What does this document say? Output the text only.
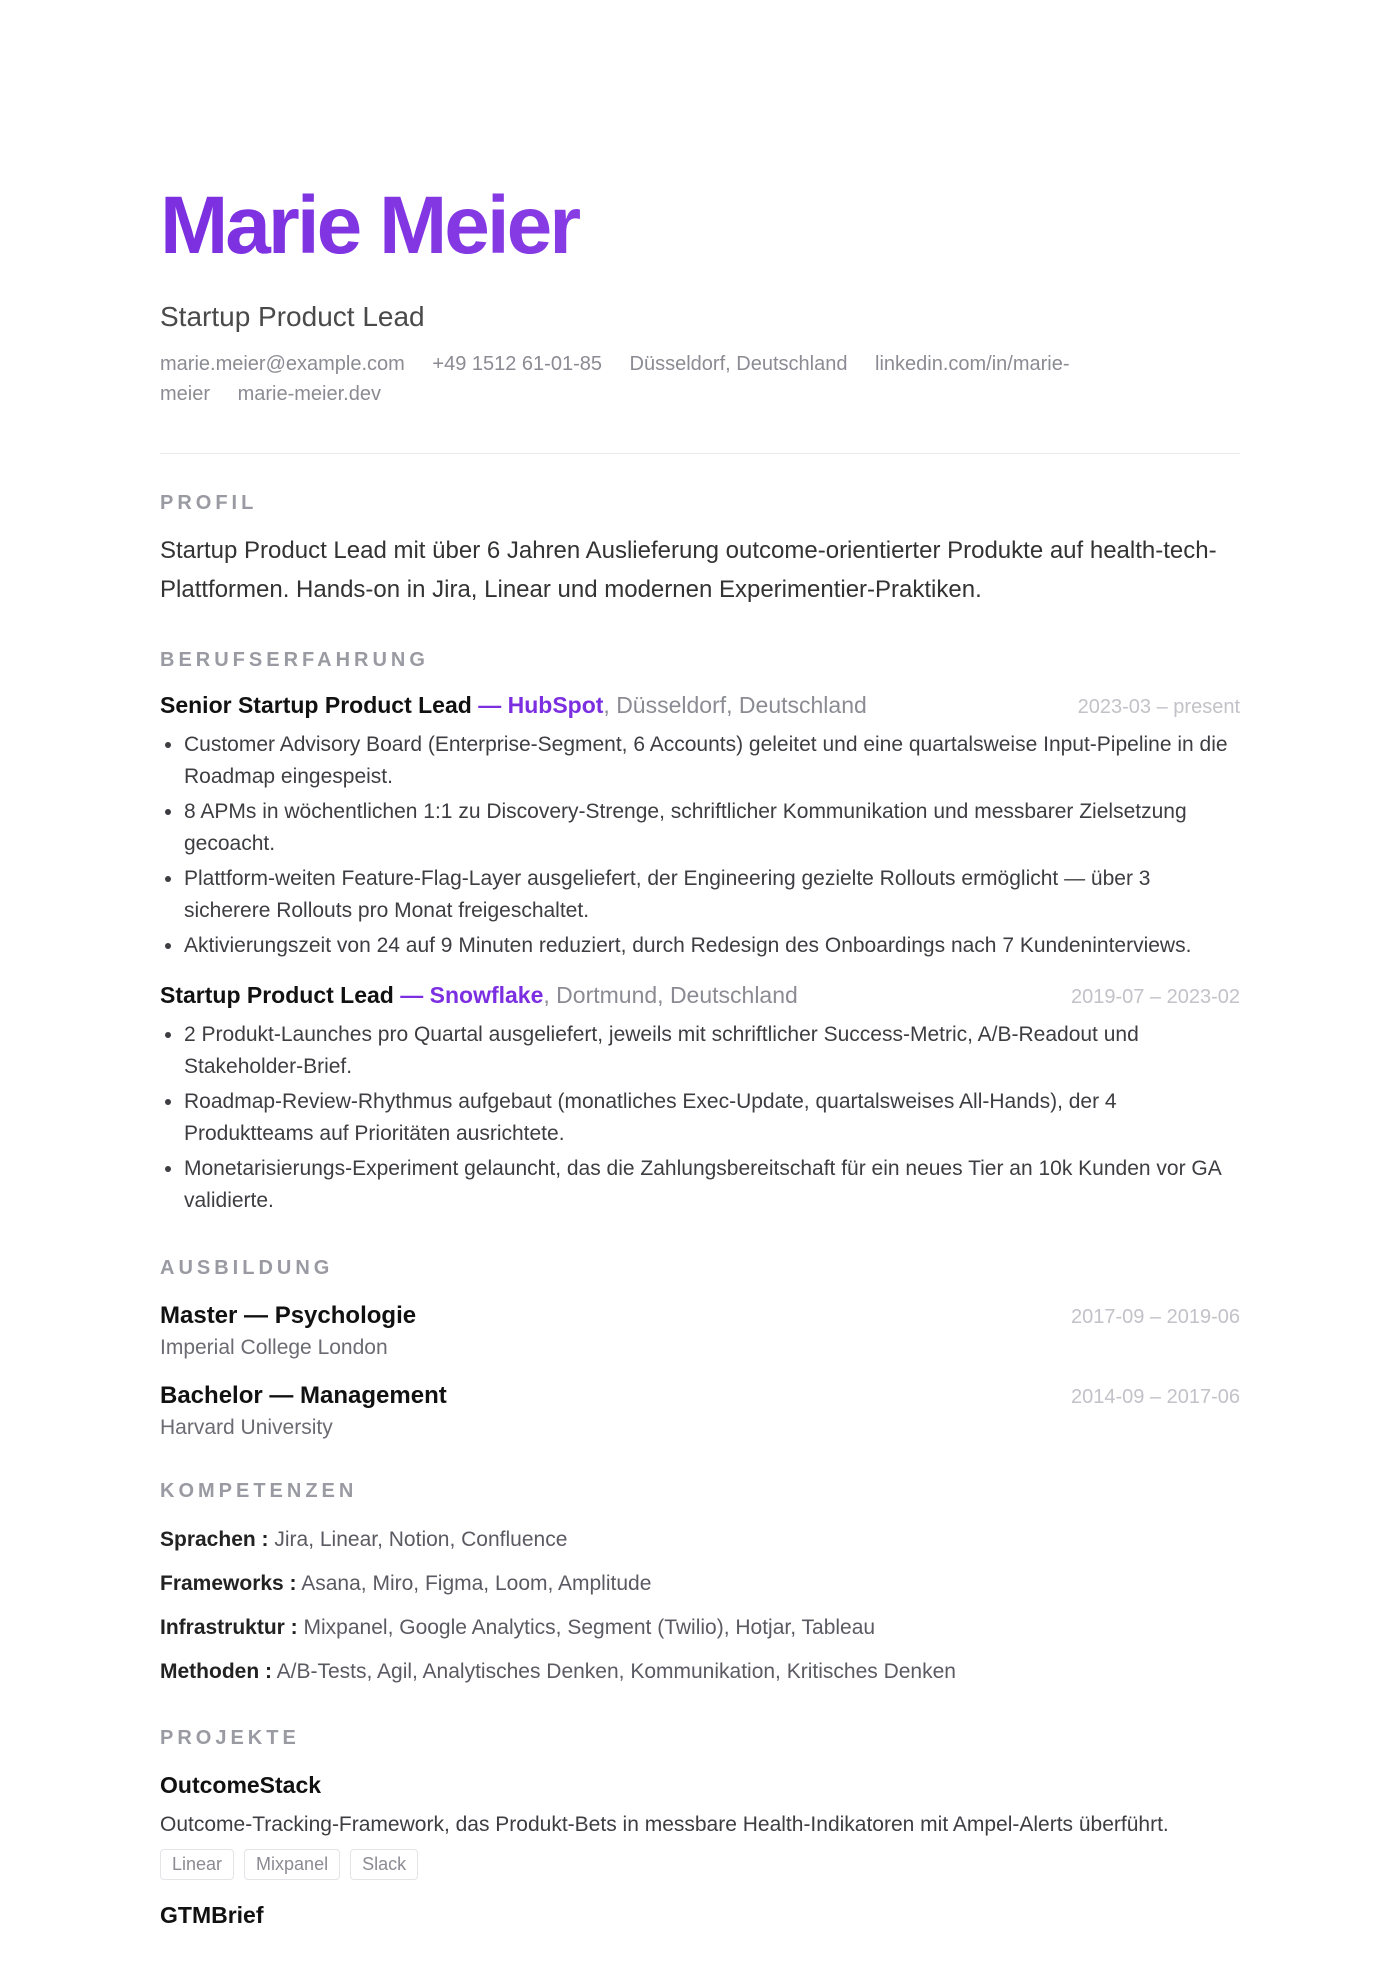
Marie Meier
Startup Product Lead
marie.meier@example.com +49 1512 61-01-85 Düsseldorf, Deutschland linkedin.com/in/marie-meier marie-meier.dev
PROFIL
Startup Product Lead mit über 6 Jahren Auslieferung outcome-orientierter Produkte auf health-tech-Plattformen. Hands-on in Jira, Linear und modernen Experimentier-Praktiken.
BERUFSERFAHRUNG
Senior Startup Product Lead — HubSpot, Düsseldorf, Deutschland	2023-03 – present
• Customer Advisory Board (Enterprise-Segment, 6 Accounts) geleitet und eine quartalsweise Input-Pipeline in die Roadmap eingespeist.
• 8 APMs in wöchentlichen 1:1 zu Discovery-Strenge, schriftlicher Kommunikation und messbarer Zielsetzung gecoacht.
• Plattform-weiten Feature-Flag-Layer ausgeliefert, der Engineering gezielte Rollouts ermöglicht — über 3 sicherere Rollouts pro Monat freigeschaltet.
• Aktivierungszeit von 24 auf 9 Minuten reduziert, durch Redesign des Onboardings nach 7 Kundeninterviews.
Startup Product Lead — Snowflake, Dortmund, Deutschland	2019-07 – 2023-02
• 2 Produkt-Launches pro Quartal ausgeliefert, jeweils mit schriftlicher Success-Metric, A/B-Readout und Stakeholder-Brief.
• Roadmap-Review-Rhythmus aufgebaut (monatliches Exec-Update, quartalsweises All-Hands), der 4 Produktteams auf Prioritäten ausrichtete.
• Monetarisierungs-Experiment gelauncht, das die Zahlungsbereitschaft für ein neues Tier an 10k Kunden vor GA validierte.
AUSBILDUNG
Master — Psychologie	2017-09 – 2019-06
Imperial College London
Bachelor — Management	2014-09 – 2017-06
Harvard University
KOMPETENZEN
Sprachen : Jira, Linear, Notion, Confluence
Frameworks : Asana, Miro, Figma, Loom, Amplitude
Infrastruktur : Mixpanel, Google Analytics, Segment (Twilio), Hotjar, Tableau
Methoden : A/B-Tests, Agil, Analytisches Denken, Kommunikation, Kritisches Denken
PROJEKTE
OutcomeStack
Outcome-Tracking-Framework, das Produkt-Bets in messbare Health-Indikatoren mit Ampel-Alerts überführt.
Linear	Mixpanel	Slack
GTMBrief
